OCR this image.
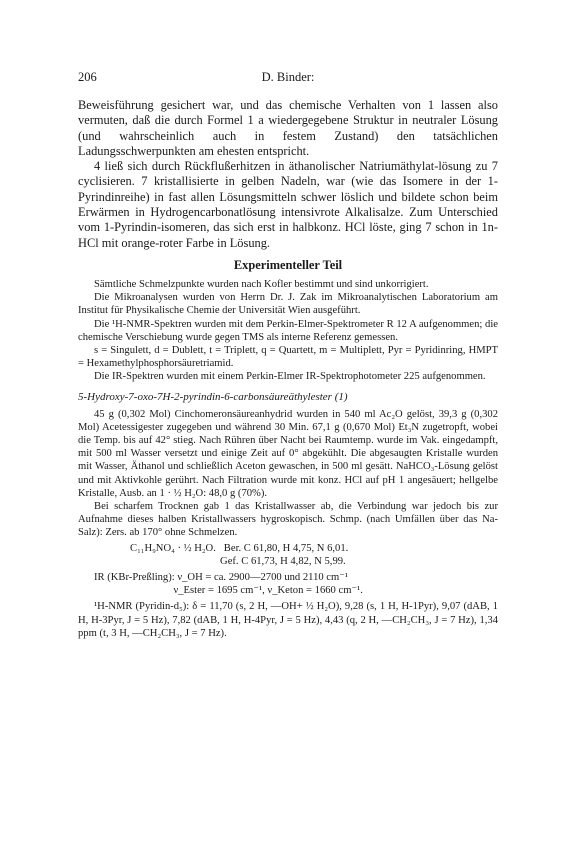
206	D. Binder:

Beweisführung gesichert war, und das chemische Verhalten von 1 lassen also vermuten, daß die durch Formel 1 a wiedergegebene Struktur in neutraler Lösung (und wahrscheinlich auch in festem Zustand) den tatsächlichen Ladungsschwerpunkten am ehesten entspricht.

4 ließ sich durch Rückflußerhitzen in äthanolischer Natriumäthylat-lösung zu 7 cyclisieren. 7 kristallisierte in gelben Nadeln, war (wie das Isomere in der 1-Pyrindinreihe) in fast allen Lösungsmitteln schwer löslich und bildete schon beim Erwärmen in Hydrogencarbonatlösung intensivrote Alkalisalze. Zum Unterschied vom 1-Pyrindin-isomeren, das sich erst in halbkonz. HCl löste, ging 7 schon in 1n-HCl mit orange-roter Farbe in Lösung.

Experimenteller Teil

Sämtliche Schmelzpunkte wurden nach Kofler bestimmt und sind unkorrigiert.

Die Mikroanalysen wurden von Herrn Dr. J. Zak im Mikroanalytischen Laboratorium am Institut für Physikalische Chemie der Universität Wien ausgeführt.

Die ¹H-NMR-Spektren wurden mit dem Perkin-Elmer-Spektrometer R 12 A aufgenommen; die chemische Verschiebung wurde gegen TMS als interne Referenz gemessen.

s = Singulett, d = Dublett, t = Triplett, q = Quartett, m = Multiplett, Pyr = Pyridinring, HMPT = Hexamethylphosphorsäuretriamid.

Die IR-Spektren wurden mit einem Perkin-Elmer IR-Spektrophotometer 225 aufgenommen.

5-Hydroxy-7-oxo-7H-2-pyrindin-6-carbonsäureäthylester (1)

45 g (0,302 Mol) Cinchomeronsäureanhydrid wurden in 540 ml Ac₂O gelöst, 39,3 g (0,302 Mol) Acetessigester zugegeben und während 30 Min. 67,1 g (0,670 Mol) Et₃N zugetropft, wobei die Temp. bis auf 42° stieg. Nach Rühren über Nacht bei Raumtemp. wurde im Vak. eingedampft, mit 500 ml Wasser versetzt und einige Zeit auf 0° abgekühlt. Die abgesaugten Kristalle wurden mit Wasser, Äthanol und schließlich Aceton gewaschen, in 500 ml gesätt. NaHCO₃-Lösung gelöst und mit Aktivkohle gerührt. Nach Filtration wurde mit konz. HCl auf pH 1 angesäuert; hellgelbe Kristalle, Ausb. an 1 · ½ H₂O: 48,0 g (70%).

Bei scharfem Trocknen gab 1 das Kristallwasser ab, die Verbindung war jedoch bis zur Aufnahme dieses halben Kristallwassers hygroskopisch. Schmp. (nach Umfällen über das Na-Salz): Zers. ab 170° ohne Schmelzen.

C₁₁H₉NO₄ · ½ H₂O.   Ber. C 61,80, H 4,75, N 6,01.
Gef. C 61,73, H 4,82, N 5,99.
IR (KBr-Preßling): ν_OH = ca. 2900—2700 und 2110 cm⁻¹
ν_Ester = 1695 cm⁻¹, ν_Keton = 1660 cm⁻¹.

¹H-NMR (Pyridin-d₅): δ = 11,70 (s, 2 H, —OH+ ½ H₂O), 9,28 (s, 1 H, H-1Pyr), 9,07 (dAB, 1 H, H-3Pyr, J = 5 Hz), 7,82 (dAB, 1 H, H-4Pyr, J = 5 Hz), 4,43 (q, 2 H, —CH₂CH₃, J = 7 Hz), 1,34 ppm (t, 3 H, —CH₂CH₃, J = 7 Hz).
